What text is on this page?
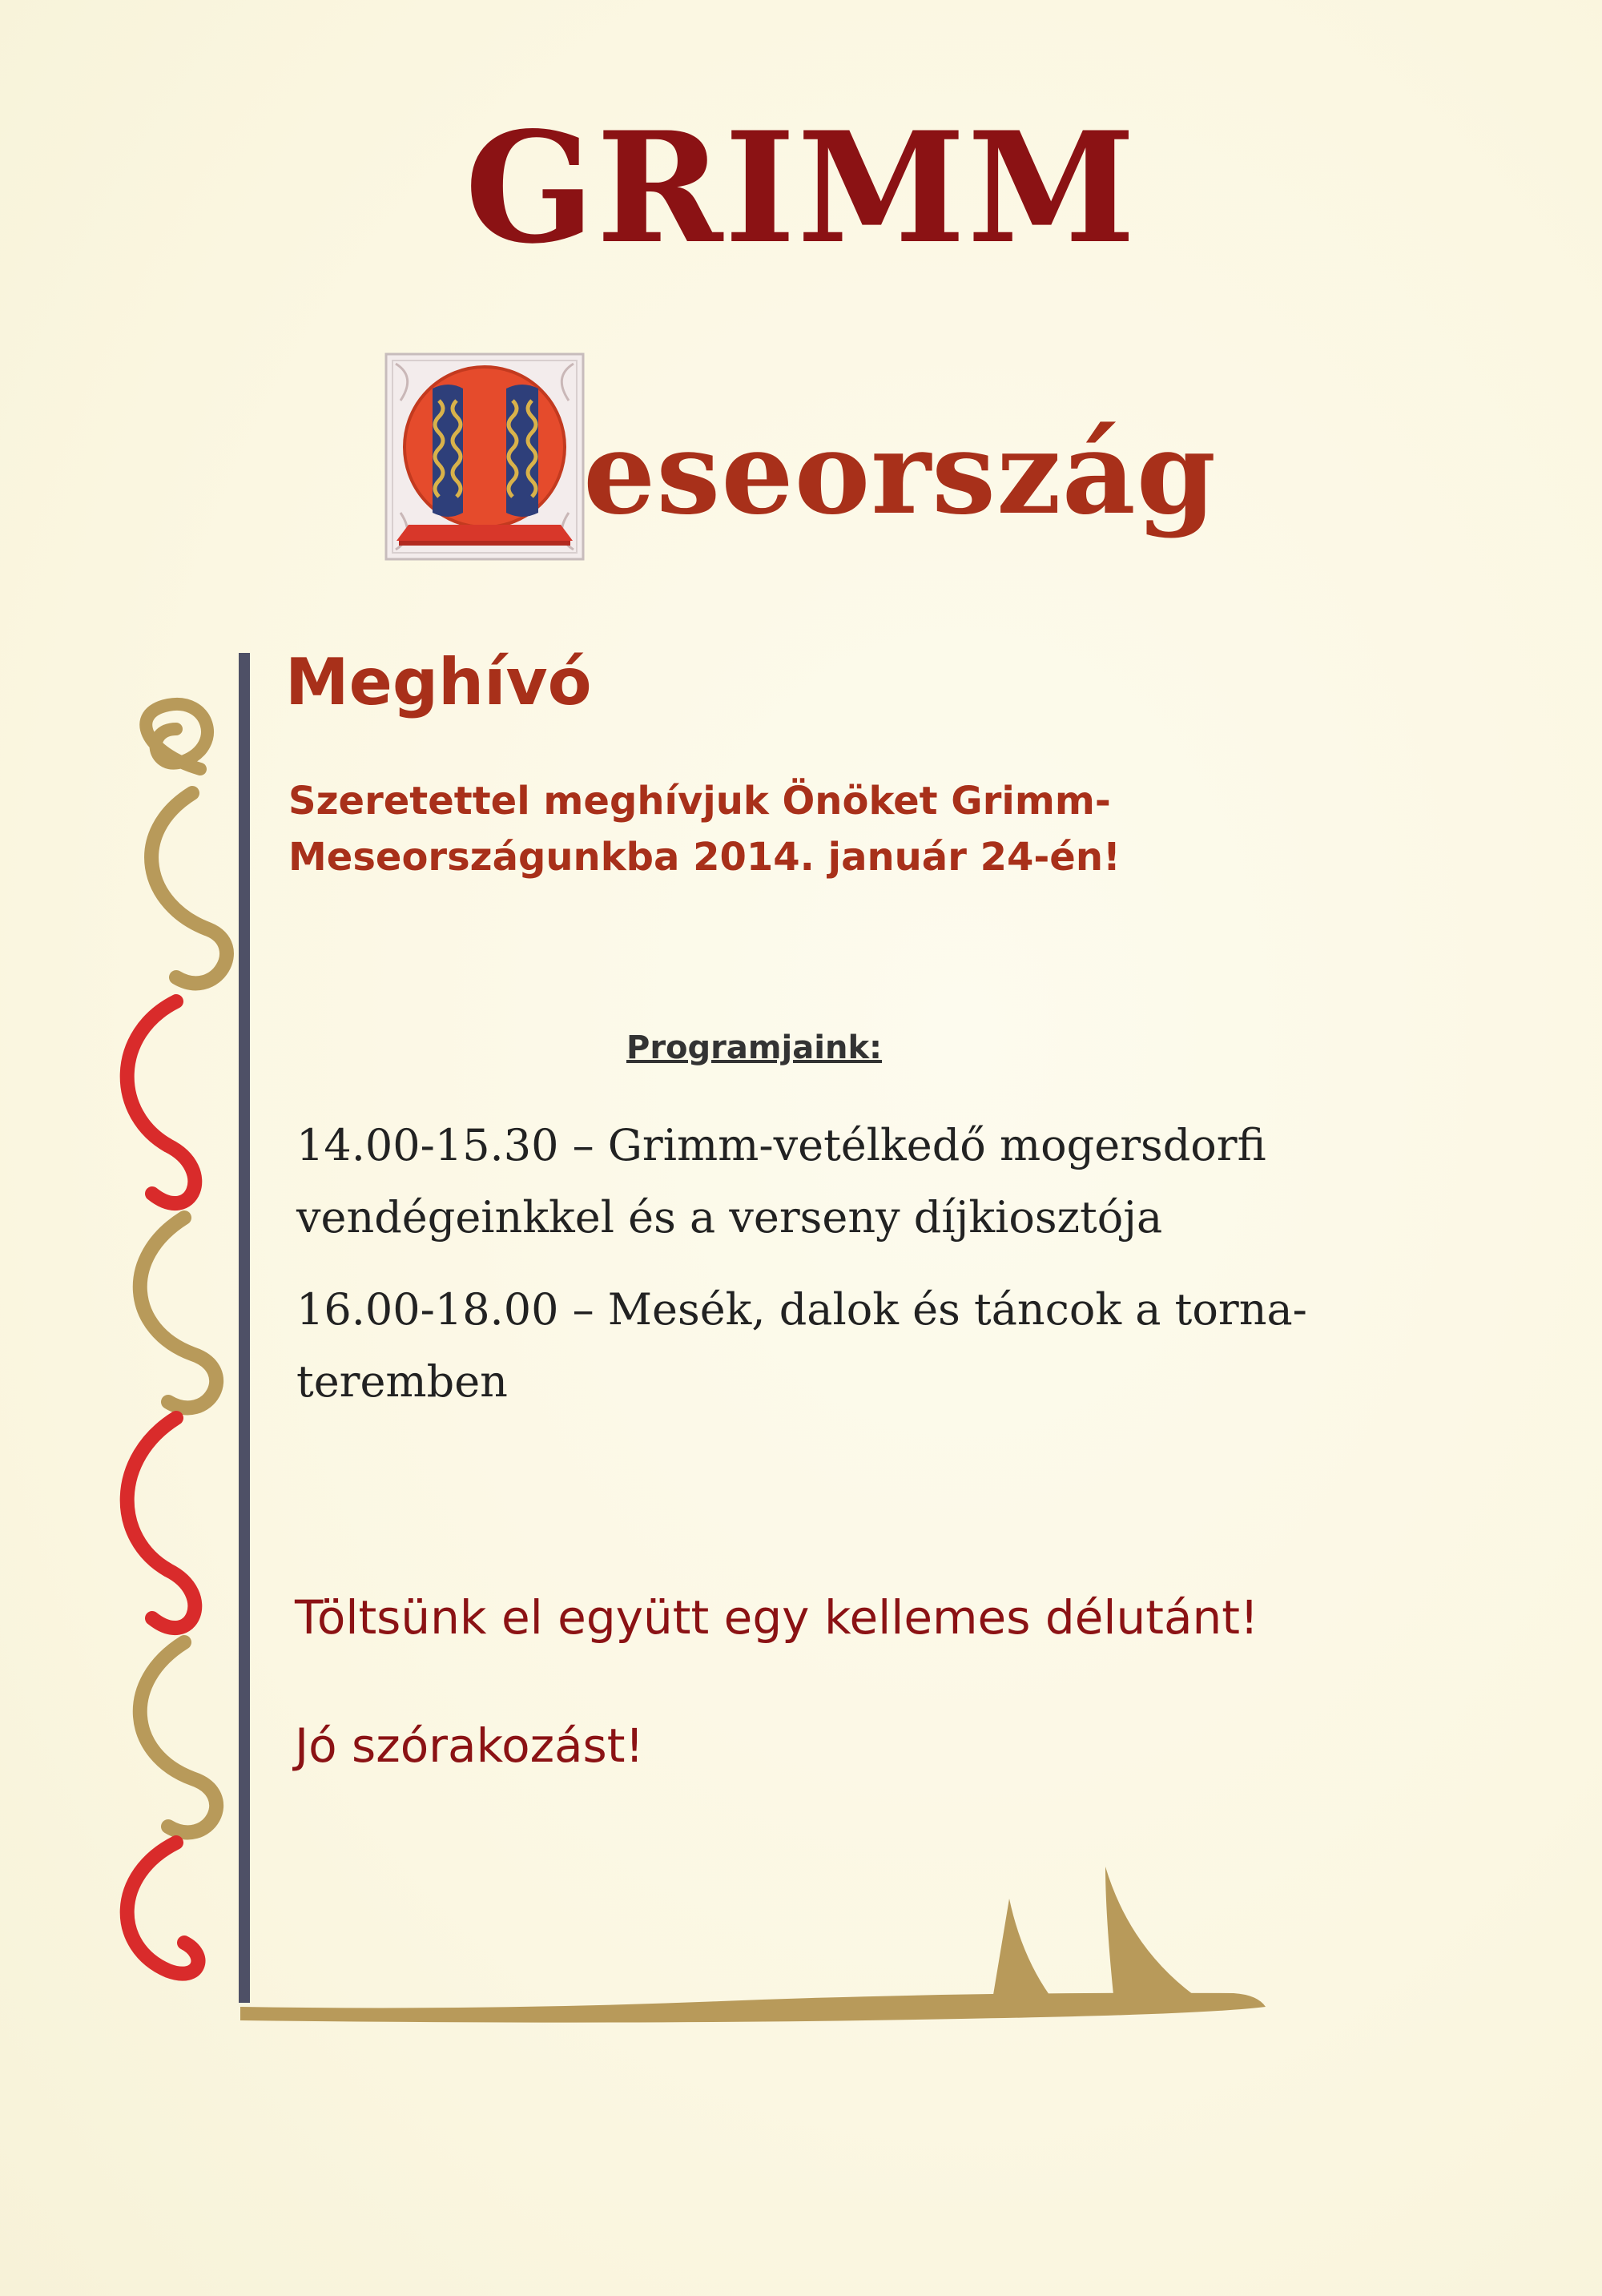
GRIMM
eseország
Meghívó
Szeretettel meghívjuk Önöket Grimm-
Meseországunkba 2014. január 24-én!
Programjaink:
14.00-15.30 – Grimm-vetélkedő mogersdorfi
vendégeinkkel és a verseny díjkiosztója
16.00-18.00 – Mesék, dalok és táncok a torna-
teremben
Töltsünk el együtt egy kellemes délutánt!
Jó szórakozást!
